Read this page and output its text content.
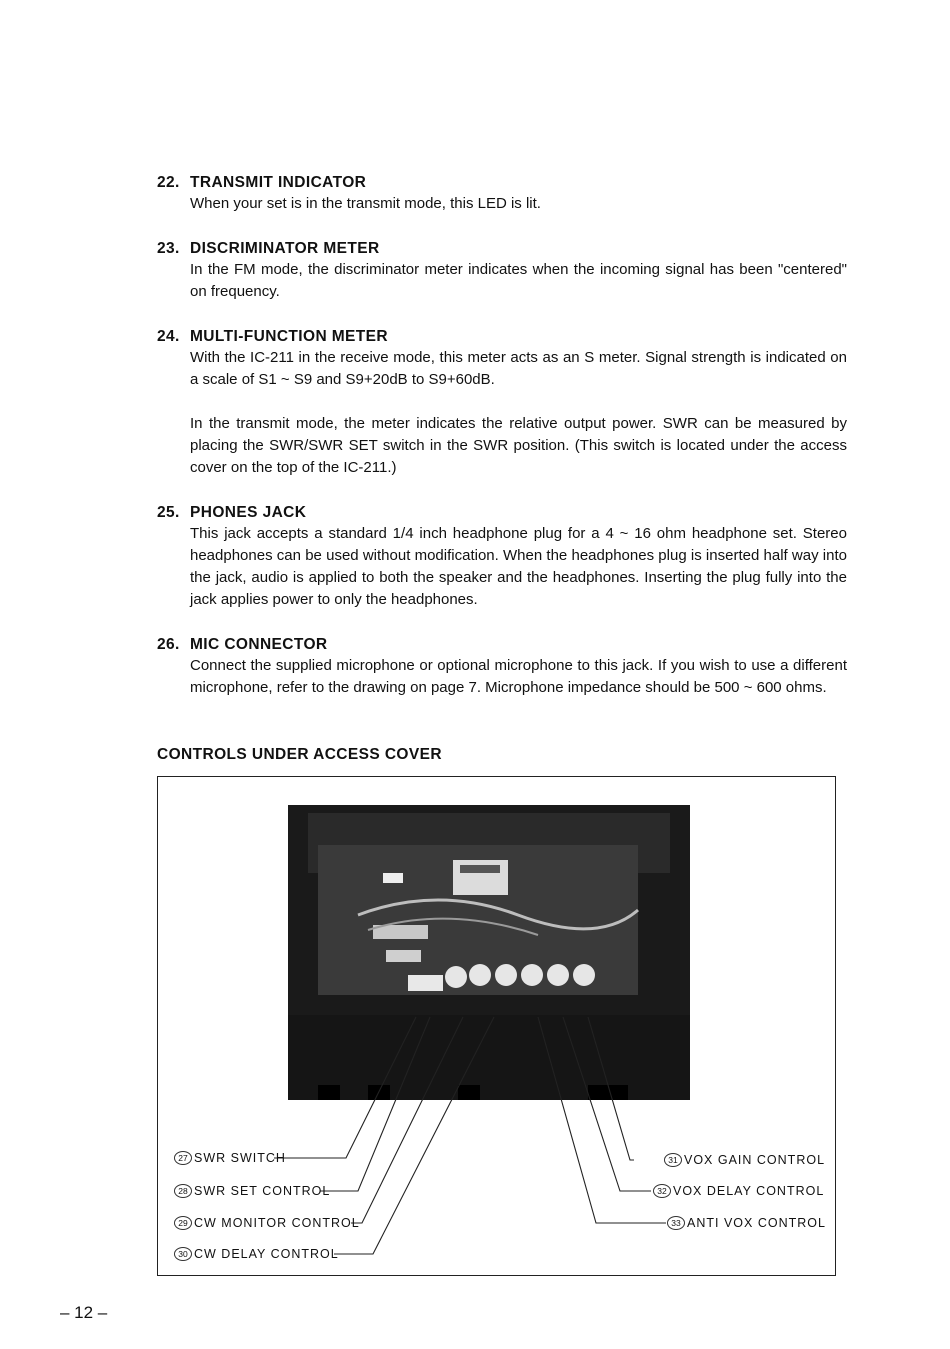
22. TRANSMIT INDICATOR

When your set is in the transmit mode, this LED is lit.

23. DISCRIMINATOR METER

In the FM mode, the discriminator meter indicates when the incoming signal has been "centered" on frequency.

24. MULTI-FUNCTION METER

With the IC-211 in the receive mode, this meter acts as an S meter. Signal strength is indicated on a scale of S1 ~ S9 and S9+20dB to S9+60dB.

In the transmit mode, the meter indicates the relative output power. SWR can be measured by placing the SWR/SWR SET switch in the SWR position. (This switch is located under the access cover on the top of the IC-211.)

25. PHONES JACK

This jack accepts a standard 1/4 inch headphone plug for a 4 ~ 16 ohm headphone set. Stereo headphones can be used without modification. When the headphones plug is inserted half way into the jack, audio is applied to both the speaker and the headphones. Inserting the plug fully into the jack applies power to only the headphones.

26. MIC CONNECTOR

Connect the supplied microphone or optional microphone to this jack. If you wish to use a different microphone, refer to the drawing on page 7. Microphone impedance should be 500 ~ 600 ohms.

CONTROLS UNDER ACCESS COVER

27 SWR SWITCH
28 SWR SET CONTROL
29 CW MONITOR CONTROL
30 CW DELAY CONTROL
31 VOX GAIN CONTROL
32 VOX DELAY CONTROL
33 ANTI VOX CONTROL
– 12 –
